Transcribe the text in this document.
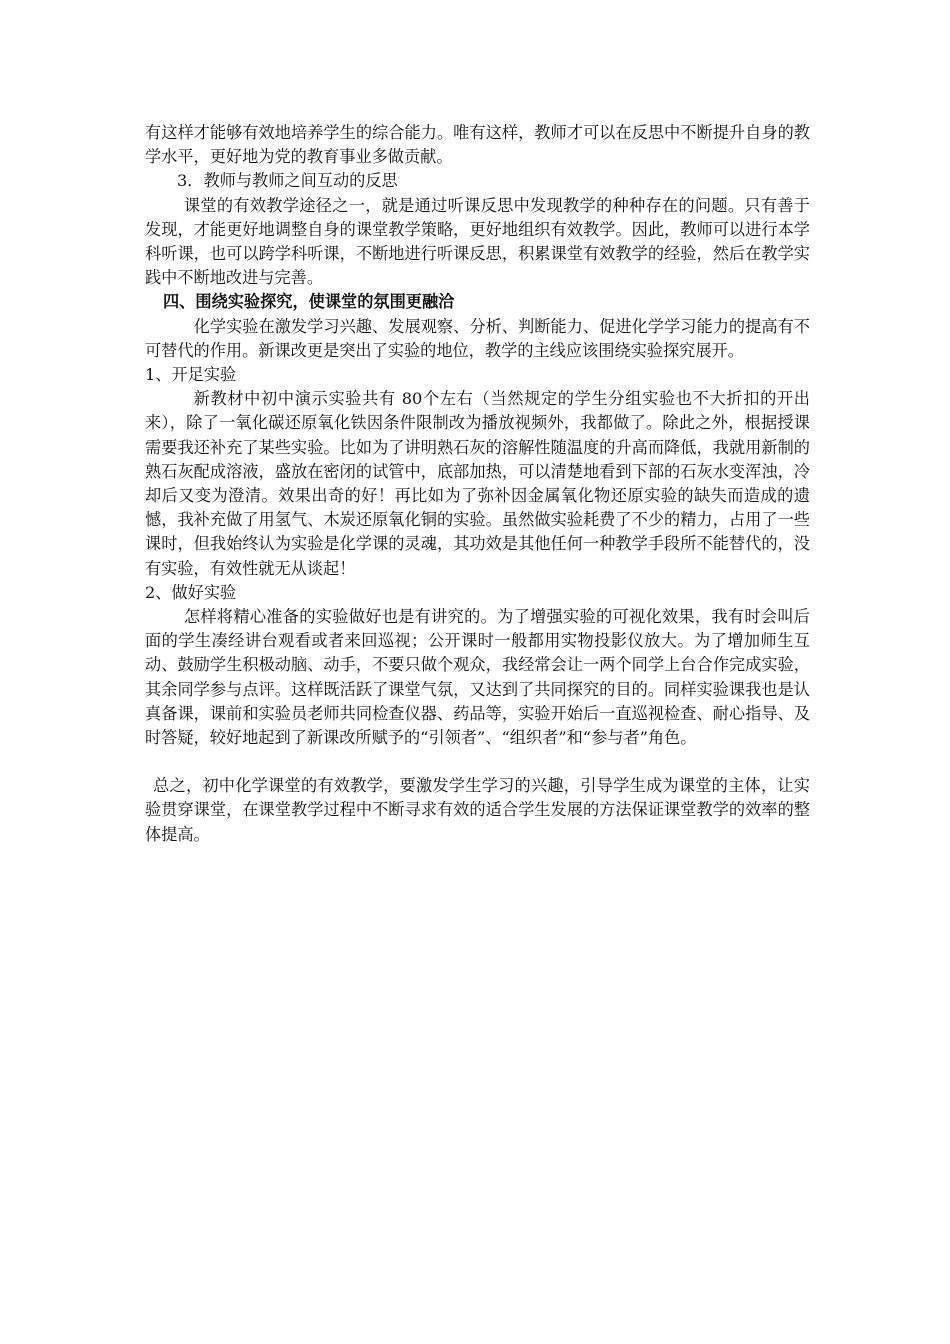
有这样才能够有效地培养学生的综合能力。唯有这样，教师才可以在反思中不断提升自身的教学水平，更好地为党的教育事业多做贡献。

3．教师与教师之间互动的反思

课堂的有效教学途径之一，就是通过听课反思中发现教学的种种存在的问题。只有善于发现，才能更好地调整自身的课堂教学策略，更好地组织有效教学。因此，教师可以进行本学科听课，也可以跨学科听课，不断地进行听课反思，积累课堂有效教学的经验，然后在教学实践中不断地改进与完善。

四、围绕实验探究，使课堂的氛围更融洽

化学实验在激发学习兴趣、发展观察、分析、判断能力、促进化学学习能力的提高有不可替代的作用。新课改更是突出了实验的地位，教学的主线应该围绕实验探究展开。

1、开足实验

新教材中初中演示实验共有 80个左右（当然规定的学生分组实验也不大折扣的开出来），除了一氧化碳还原氧化铁因条件限制改为播放视频外，我都做了。除此之外，根据授课需要我还补充了某些实验。比如为了讲明熟石灰的溶解性随温度的升高而降低，我就用新制的熟石灰配成溶液，盛放在密闭的试管中，底部加热，可以清楚地看到下部的石灰水变浑浊，冷却后又变为澄清。效果出奇的好！再比如为了弥补因金属氧化物还原实验的缺失而造成的遗憾，我补充做了用氢气、木炭还原氧化铜的实验。虽然做实验耗费了不少的精力，占用了一些课时，但我始终认为实验是化学课的灵魂，其功效是其他任何一种教学手段所不能替代的，没有实验，有效性就无从谈起！

2、做好实验

怎样将精心准备的实验做好也是有讲究的。为了增强实验的可视化效果，我有时会叫后面的学生凑经讲台观看或者来回巡视；公开课时一般都用实物投影仪放大。为了增加师生互动、鼓励学生积极动脑、动手，不要只做个观众，我经常会让一两个同学上台合作完成实验，其余同学参与点评。这样既活跃了课堂气氛，又达到了共同探究的目的。同样实验课我也是认真备课，课前和实验员老师共同检查仪器、药品等，实验开始后一直巡视检查、耐心指导、及时答疑，较好地起到了新课改所赋予的“引领者”、“组织者”和“参与者”角色。

总之，初中化学课堂的有效教学，要激发学生学习的兴趣，引导学生成为课堂的主体，让实验贯穿课堂，在课堂教学过程中不断寻求有效的适合学生发展的方法保证课堂教学的效率的整体提高。
